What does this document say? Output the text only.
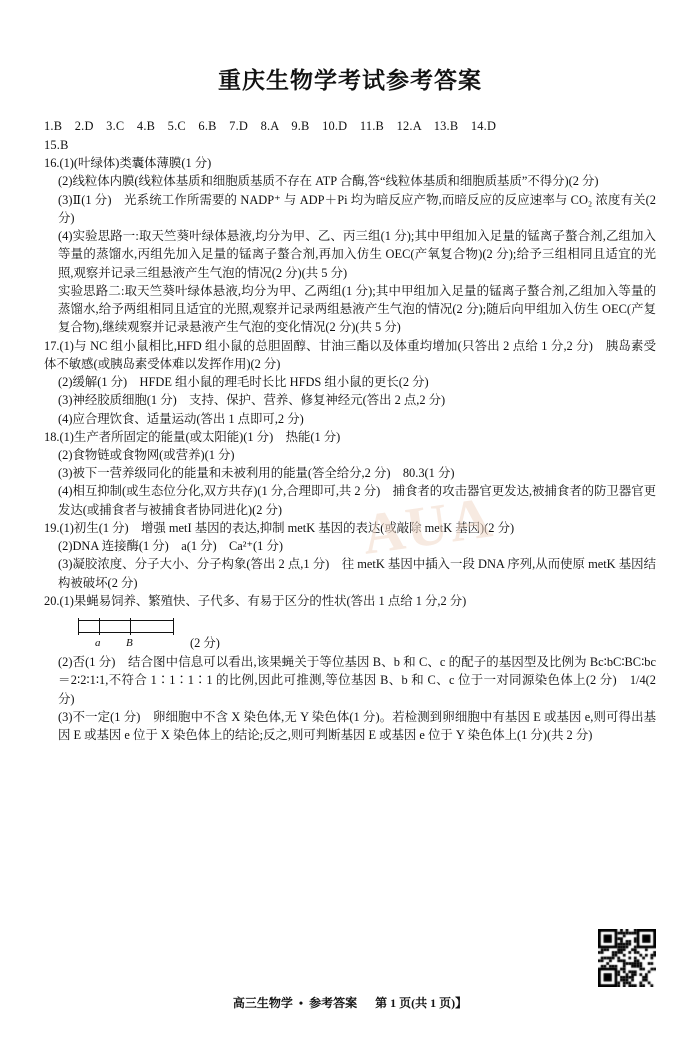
重庆生物学考试参考答案
1.B　2.D　3.C　4.B　5.C　6.B　7.D　8.A　9.B　10.D　11.B　12.A　13.B　14.D
15.B
16.(1)(叶绿体)类囊体薄膜(1 分)
(2)线粒体内膜(线粒体基质和细胞质基质不存在 ATP 合酶,答“线粒体基质和细胞质基质”不得分)(2 分)
(3)Ⅱ(1 分)　光系统工作所需要的 NADP⁺ 与 ADP＋Pi 均为暗反应产物,而暗反应的反应速率与 CO₂ 浓度有关(2 分)
(4)实验思路一:取天竺葵叶绿体悬液,均分为甲、乙、丙三组(1 分);其中甲组加入足量的锰离子螯合剂,乙组加入等量的蒸馏水,丙组先加入足量的锰离子螯合剂,再加入仿生 OEC(产氧复合物)(2 分);给予三组相同且适宜的光照,观察并记录三组悬液产生气泡的情况(2 分)(共 5 分)
实验思路二:取天竺葵叶绿体悬液,均分为甲、乙两组(1 分);其中甲组加入足量的锰离子螯合剂,乙组加入等量的蒸馏水,给予两组相同且适宜的光照,观察并记录两组悬液产生气泡的情况(2 分);随后向甲组加入仿生 OEC(产复复合物),继续观察并记录悬液产生气泡的变化情况(2 分)(共 5 分)
17.(1)与 NC 组小鼠相比,HFD 组小鼠的总胆固醇、甘油三酯以及体重均增加(只答出 2 点给 1 分,2 分)　胰岛素受体不敏感(或胰岛素受体难以发挥作用)(2 分)
(2)缓解(1 分)　HFDE 组小鼠的理毛时长比 HFDS 组小鼠的更长(2 分)
(3)神经胶质细胞(1 分)　支持、保护、营养、修复神经元(答出 2 点,2 分)
(4)应合理饮食、适量运动(答出 1 点即可,2 分)
18.(1)生产者所固定的能量(或太阳能)(1 分)　热能(1 分)
(2)食物链或食物网(或营养)(1 分)
(3)被下一营养级同化的能量和未被利用的能量(答全给分,2 分)　80.3(1 分)
(4)相互抑制(或生态位分化,双方共存)(1 分,合理即可,共 2 分)　捕食者的攻击器官更发达,被捕食者的防卫器官更发达(或捕食者与被捕食者协同进化)(2 分)
19.(1)初生(1 分)　增强 metI 基因的表达,抑制 metK 基因的表达(或敲除 metK 基因)(2 分)
(2)DNA 连接酶(1 分)　a(1 分)　Ca²⁺(1 分)
(3)凝胶浓度、分子大小、分子构象(答出 2 点,1 分)　往 metK 基因中插入一段 DNA 序列,从而使原 metK 基因结构被破坏(2 分)
20.(1)果蝇易饲养、繁殖快、子代多、有易于区分的性状(答出 1 点给 1 分,2 分)
a B	(2 分)
(2)否(1 分)　结合图中信息可以看出,该果蝇关于等位基因 B、b 和 C、c 的配子的基因型及比例为 Bc∶bC∶BC∶bc＝2∶2∶1∶1,不符合 1∶1∶1∶1 的比例,因此可推测,等位基因 B、b 和 C、c 位于一对同源染色体上(2 分)　1/4(2 分)
(3)不一定(1 分)　卵细胞中不含 X 染色体,无 Y 染色体(1 分)。若检测到卵细胞中有基因 E 或基因 e,则可得出基因 E 或基因 e 位于 X 染色体上的结论;反之,则可判断基因 E 或基因 e 位于 Y 染色体上(1 分)(共 2 分)
AUA
高三生物学 • 参考答案 第 1 页(共 1 页)】
